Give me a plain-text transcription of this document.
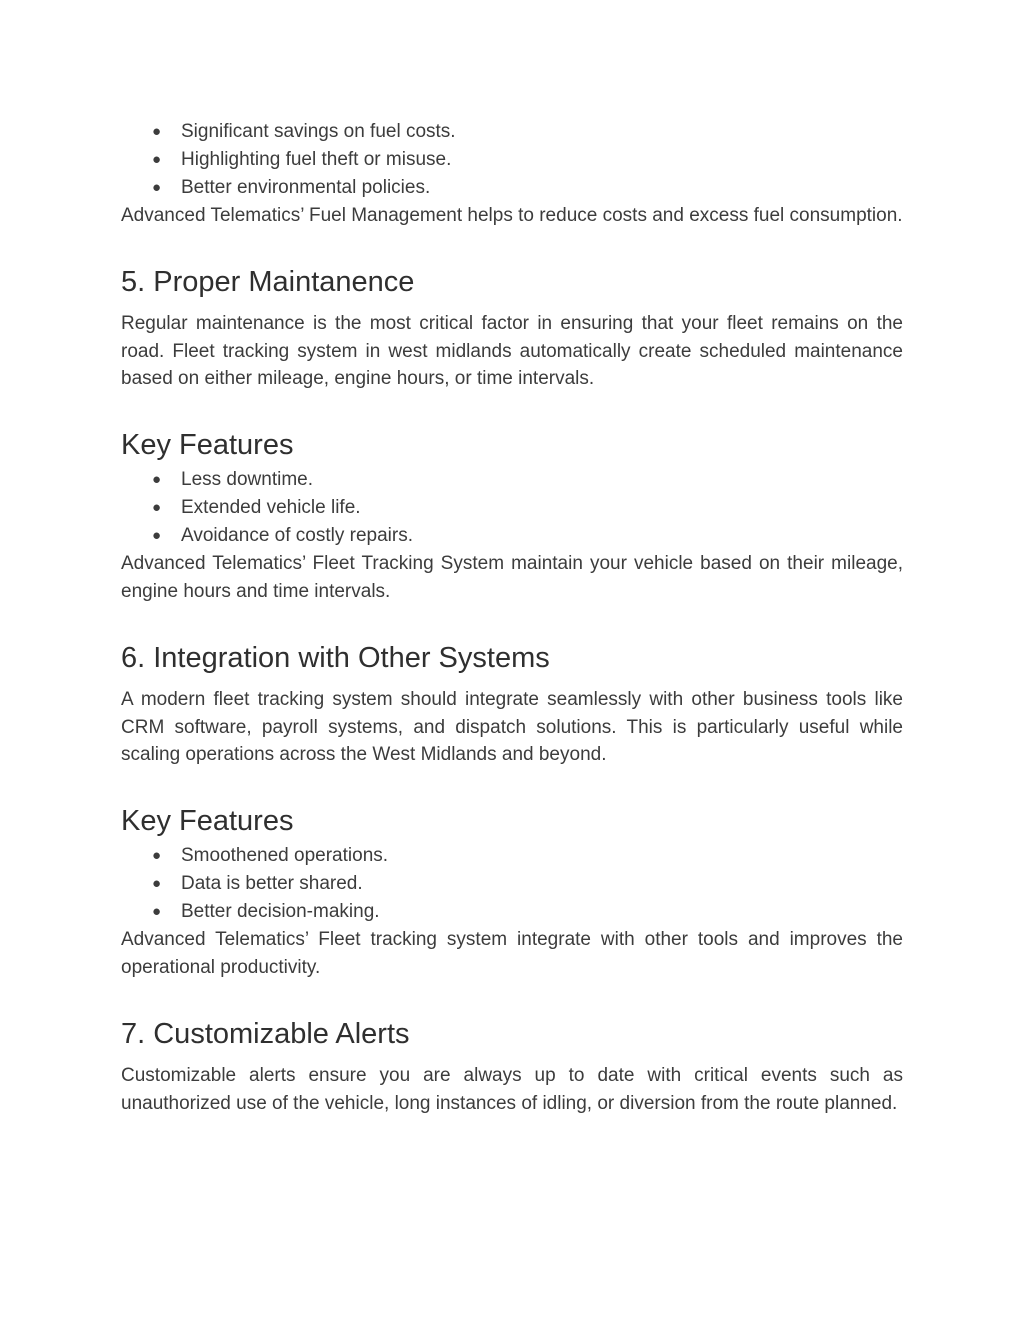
● Significant savings on fuel costs.
● Highlighting fuel theft or misuse.
● Better environmental policies.

Advanced Telematics’ Fuel Management helps to reduce costs and excess fuel consumption.

5. Proper Maintanence

Regular maintenance is the most critical factor in ensuring that your fleet remains on the road. Fleet tracking system in west midlands automatically create scheduled maintenance based on either mileage, engine hours, or time intervals.

Key Features
● Less downtime.
● Extended vehicle life.
● Avoidance of costly repairs.

Advanced Telematics’ Fleet Tracking System maintain your vehicle based on their mileage, engine hours and time intervals.

6. Integration with Other Systems

A modern fleet tracking system should integrate seamlessly with other business tools like CRM software, payroll systems, and dispatch solutions. This is particularly useful while scaling operations across the West Midlands and beyond.

Key Features
● Smoothened operations.
● Data is better shared.
● Better decision-making.

Advanced Telematics’ Fleet tracking system integrate with other tools and improves the operational productivity.

7. Customizable Alerts

Customizable alerts ensure you are always up to date with critical events such as unauthorized use of the vehicle, long instances of idling, or diversion from the route planned.
